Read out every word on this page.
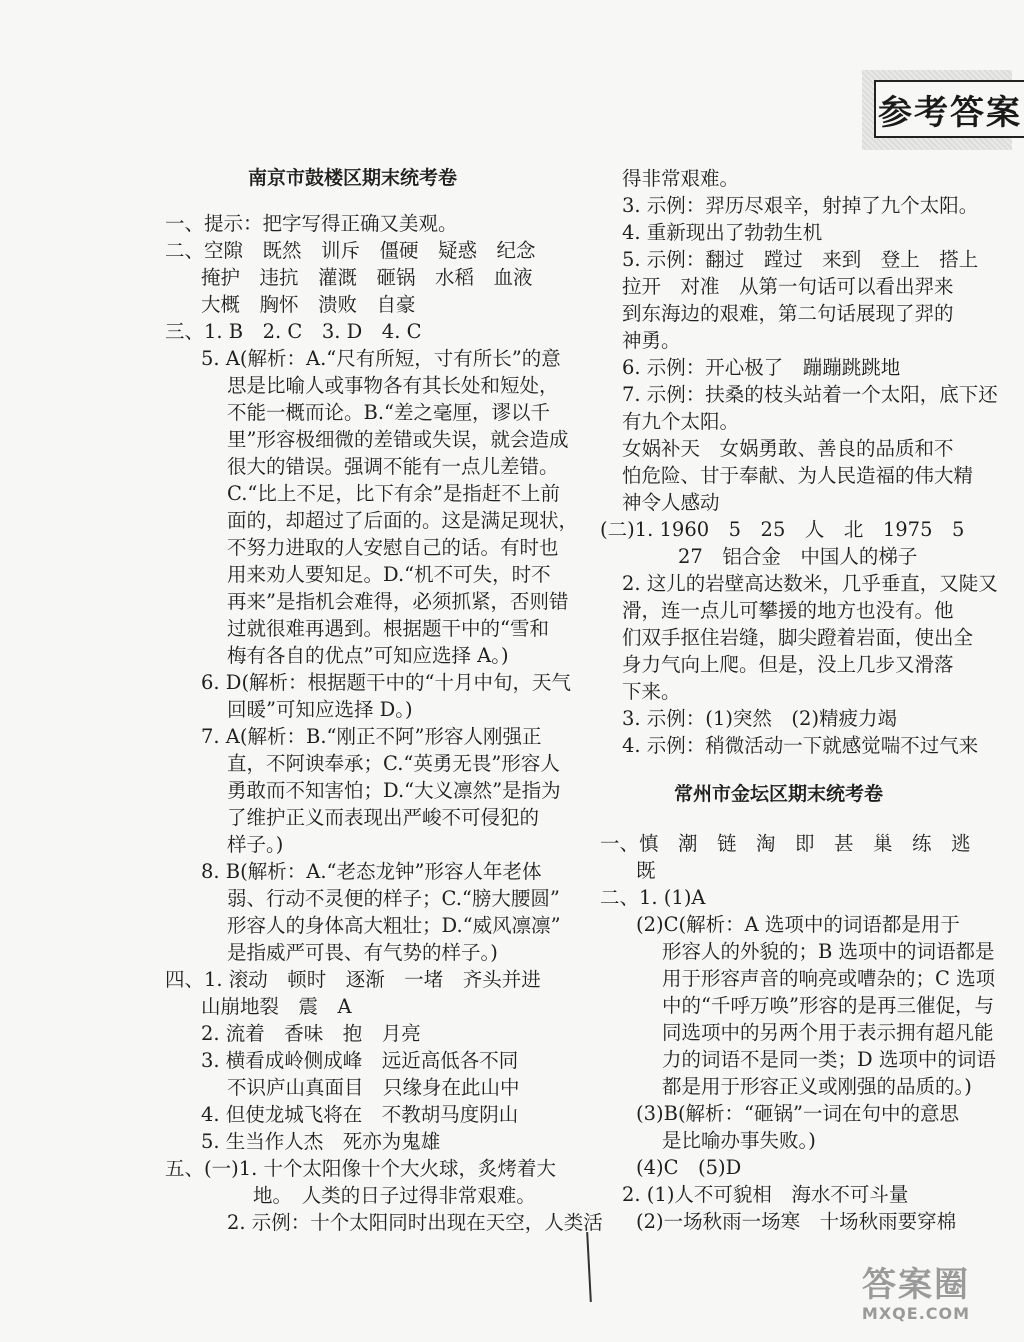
参考答案
南京市鼓楼区期末统考卷
一、提示：把字写得正确又美观。
二、空隙　既然　训斥　僵硬　疑惑　纪念
掩护　违抗　灌溉　砸锅　水稻　血液
大概　胸怀　溃败　自豪
三、1. B　2. C　3. D　4. C
5. A(解析：A.“尺有所短，寸有所长”的意
思是比喻人或事物各有其长处和短处，
不能一概而论。B.“差之毫厘，谬以千
里”形容极细微的差错或失误，就会造成
很大的错误。强调不能有一点儿差错。
C.“比上不足，比下有余”是指赶不上前
面的，却超过了后面的。这是满足现状，
不努力进取的人安慰自己的话。有时也
用来劝人要知足。D.“机不可失，时不
再来”是指机会难得，必须抓紧，否则错
过就很难再遇到。根据题干中的“雪和
梅有各自的优点”可知应选择 A。)
6. D(解析：根据题干中的“十月中旬，天气
回暖”可知应选择 D。)
7. A(解析：B.“刚正不阿”形容人刚强正
直，不阿谀奉承；C.“英勇无畏”形容人
勇敢而不知害怕；D.“大义凛然”是指为
了维护正义而表现出严峻不可侵犯的
样子。)
8. B(解析：A.“老态龙钟”形容人年老体
弱、行动不灵便的样子；C.“膀大腰圆”
形容人的身体高大粗壮；D.“威风凛凛”
是指威严可畏、有气势的样子。)
四、1. 滚动　顿时　逐渐　一堵　齐头并进
山崩地裂　震　A
2. 流着　香味　抱　月亮
3. 横看成岭侧成峰　远近高低各不同
不识庐山真面目　只缘身在此山中
4. 但使龙城飞将在　不教胡马度阴山
5. 生当作人杰　死亦为鬼雄
五、(一)1. 十个太阳像十个大火球，炙烤着大
地。　人类的日子过得非常艰难。
2. 示例：十个太阳同时出现在天空，人类活
得非常艰难。
3. 示例：羿历尽艰辛，射掉了九个太阳。
4. 重新现出了勃勃生机
5. 示例：翻过　蹚过　来到　登上　搭上
拉开　对准　从第一句话可以看出羿来
到东海边的艰难，第二句话展现了羿的
神勇。
6. 示例：开心极了　蹦蹦跳跳地
7. 示例：扶桑的枝头站着一个太阳，底下还
有九个太阳。
女娲补天　女娲勇敢、善良的品质和不
怕危险、甘于奉献、为人民造福的伟大精
神令人感动
(二)1. 1960　5　25　人　北　1975　5
27　铝合金　中国人的梯子
2. 这儿的岩壁高达数米，几乎垂直，又陡又
滑，连一点儿可攀援的地方也没有。他
们双手抠住岩缝，脚尖蹬着岩面，使出全
身力气向上爬。但是，没上几步又滑落
下来。
3. 示例：(1)突然　(2)精疲力竭
4. 示例：稍微活动一下就感觉喘不过气来
常州市金坛区期末统考卷
一、慎　潮　链　淘　即　甚　巢　练　逃
既
二、1. (1)A
(2)C(解析：A 选项中的词语都是用于
形容人的外貌的；B 选项中的词语都是
用于形容声音的响亮或嘈杂的；C 选项
中的“千呼万唤”形容的是再三催促，与
同选项中的另两个用于表示拥有超凡能
力的词语不是同一类；D 选项中的词语
都是用于形容正义或刚强的品质的。)
(3)B(解析：“砸锅”一词在句中的意思
是比喻办事失败。)
(4)C　(5)D
2. (1)人不可貌相　海水不可斗量
(2)一场秋雨一场寒　十场秋雨要穿棉
答案圈
MXQE.COM
